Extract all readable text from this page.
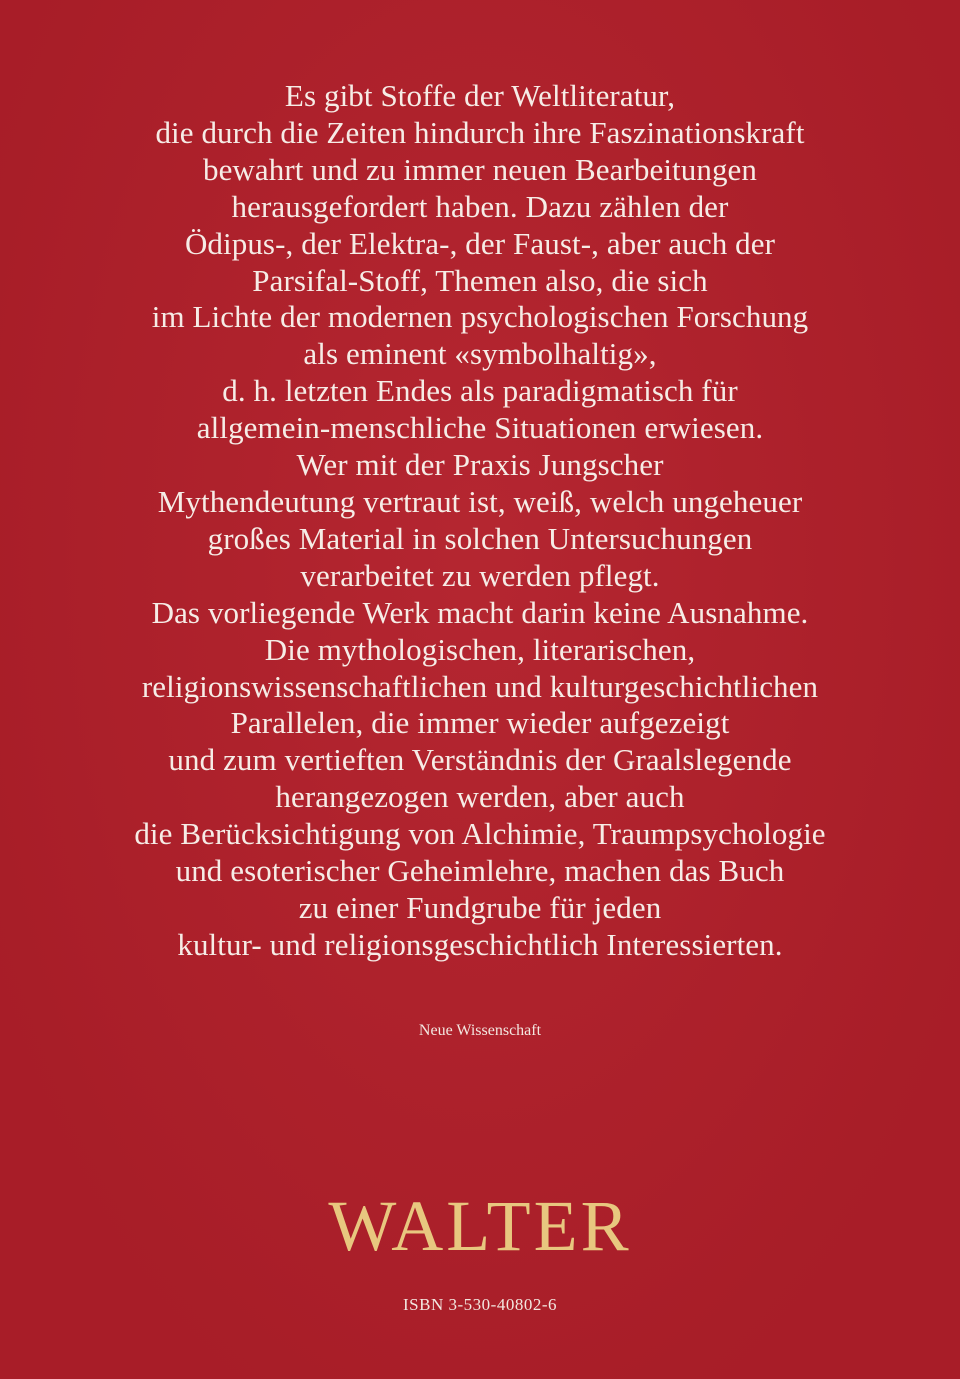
Es gibt Stoffe der Weltliteratur,
die durch die Zeiten hindurch ihre Faszinationskraft
bewahrt und zu immer neuen Bearbeitungen
herausgefordert haben. Dazu zählen der
Ödipus-, der Elektra-, der Faust-, aber auch der
Parsifal-Stoff, Themen also, die sich
im Lichte der modernen psychologischen Forschung
als eminent «symbolhaltig»,
d. h. letzten Endes als paradigmatisch für
allgemein-menschliche Situationen erwiesen.
Wer mit der Praxis Jungscher
Mythendeutung vertraut ist, weiß, welch ungeheuer
großes Material in solchen Untersuchungen
verarbeitet zu werden pflegt.
Das vorliegende Werk macht darin keine Ausnahme.
Die mythologischen, literarischen,
religionswissenschaftlichen und kulturgeschichtlichen
Parallelen, die immer wieder aufgezeigt
und zum vertieften Verständnis der Graalslegende
herangezogen werden, aber auch
die Berücksichtigung von Alchimie, Traumpsychologie
und esoterischer Geheimlehre, machen das Buch
zu einer Fundgrube für jeden
kultur- und religionsgeschichtlich Interessierten.
Neue Wissenschaft
WALTER
ISBN 3-530-40802-6
